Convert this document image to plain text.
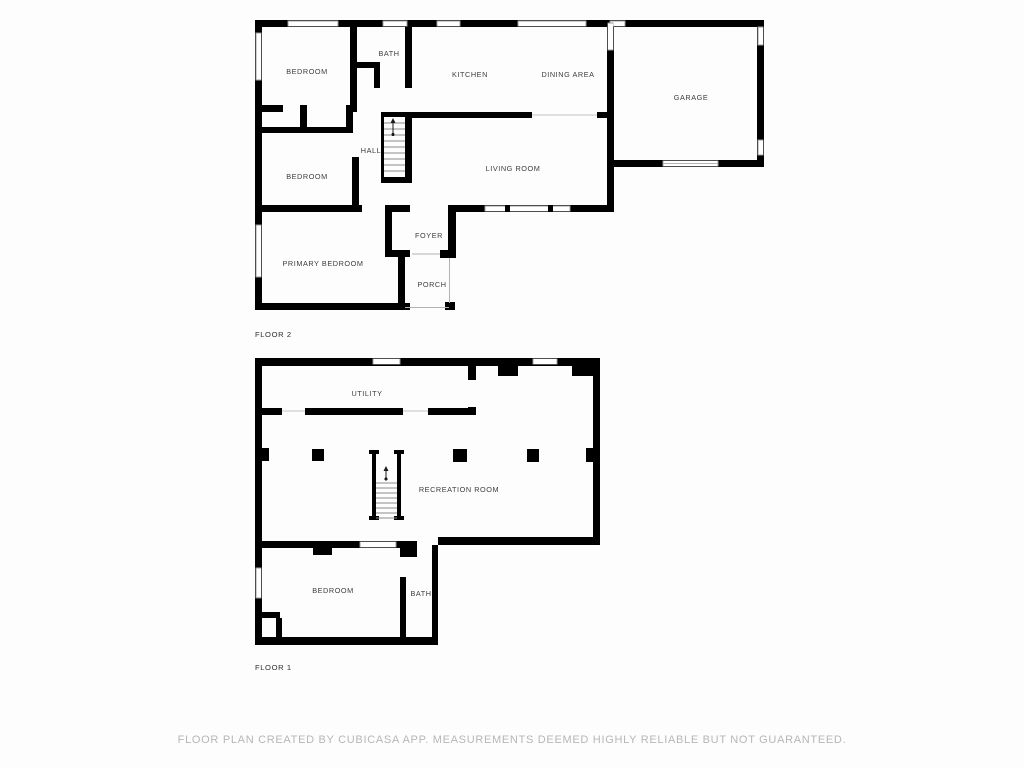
BEDROOM
BATH
KITCHEN	DINING AREA
GARAGE
HALL
BEDROOM
LIVING ROOM
PRIMARY BEDROOM
FOYER
PORCH
FLOOR 2
UTILITY
RECREATION ROOM
BEDROOM	BATH
FLOOR 1
FLOOR PLAN CREATED BY CUBICASA APP. MEASUREMENTS DEEMED HIGHLY RELIABLE BUT NOT GUARANTEED.
